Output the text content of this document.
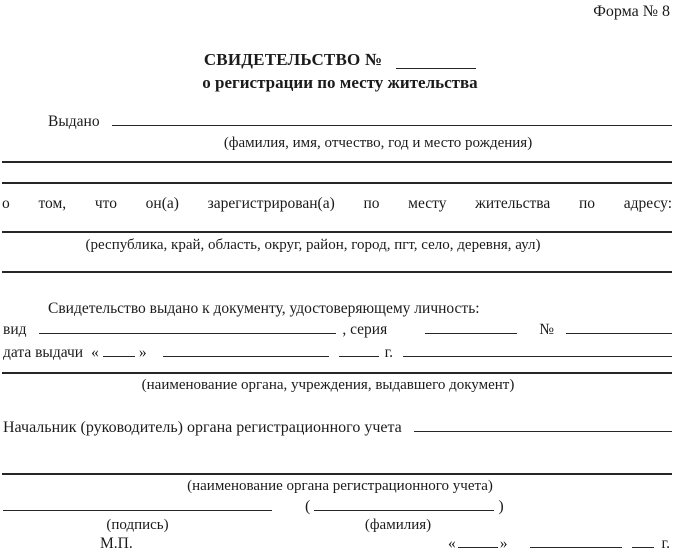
Форма № 8
СВИДЕТЕЛЬСТВО №
о регистрации по месту жительства
Выдано
(фамилия, имя, отчество, год и место рождения)
о том, что он(а) зарегистрирован(а) по месту жительства по адресу:
(республика, край, область, округ, район, город, пгт, село, деревня, аул)
Свидетельство выдано к документу, удостоверяющему личность:
вид	, серия	№
дата выдачи «	»	г.
(наименование органа, учреждения, выдавшего документ)
Начальник (руководитель) органа регистрационного учета
(наименование органа регистрационного учета)
(	)
(подпись)	(фамилия)
М.П.	«	»	г.
